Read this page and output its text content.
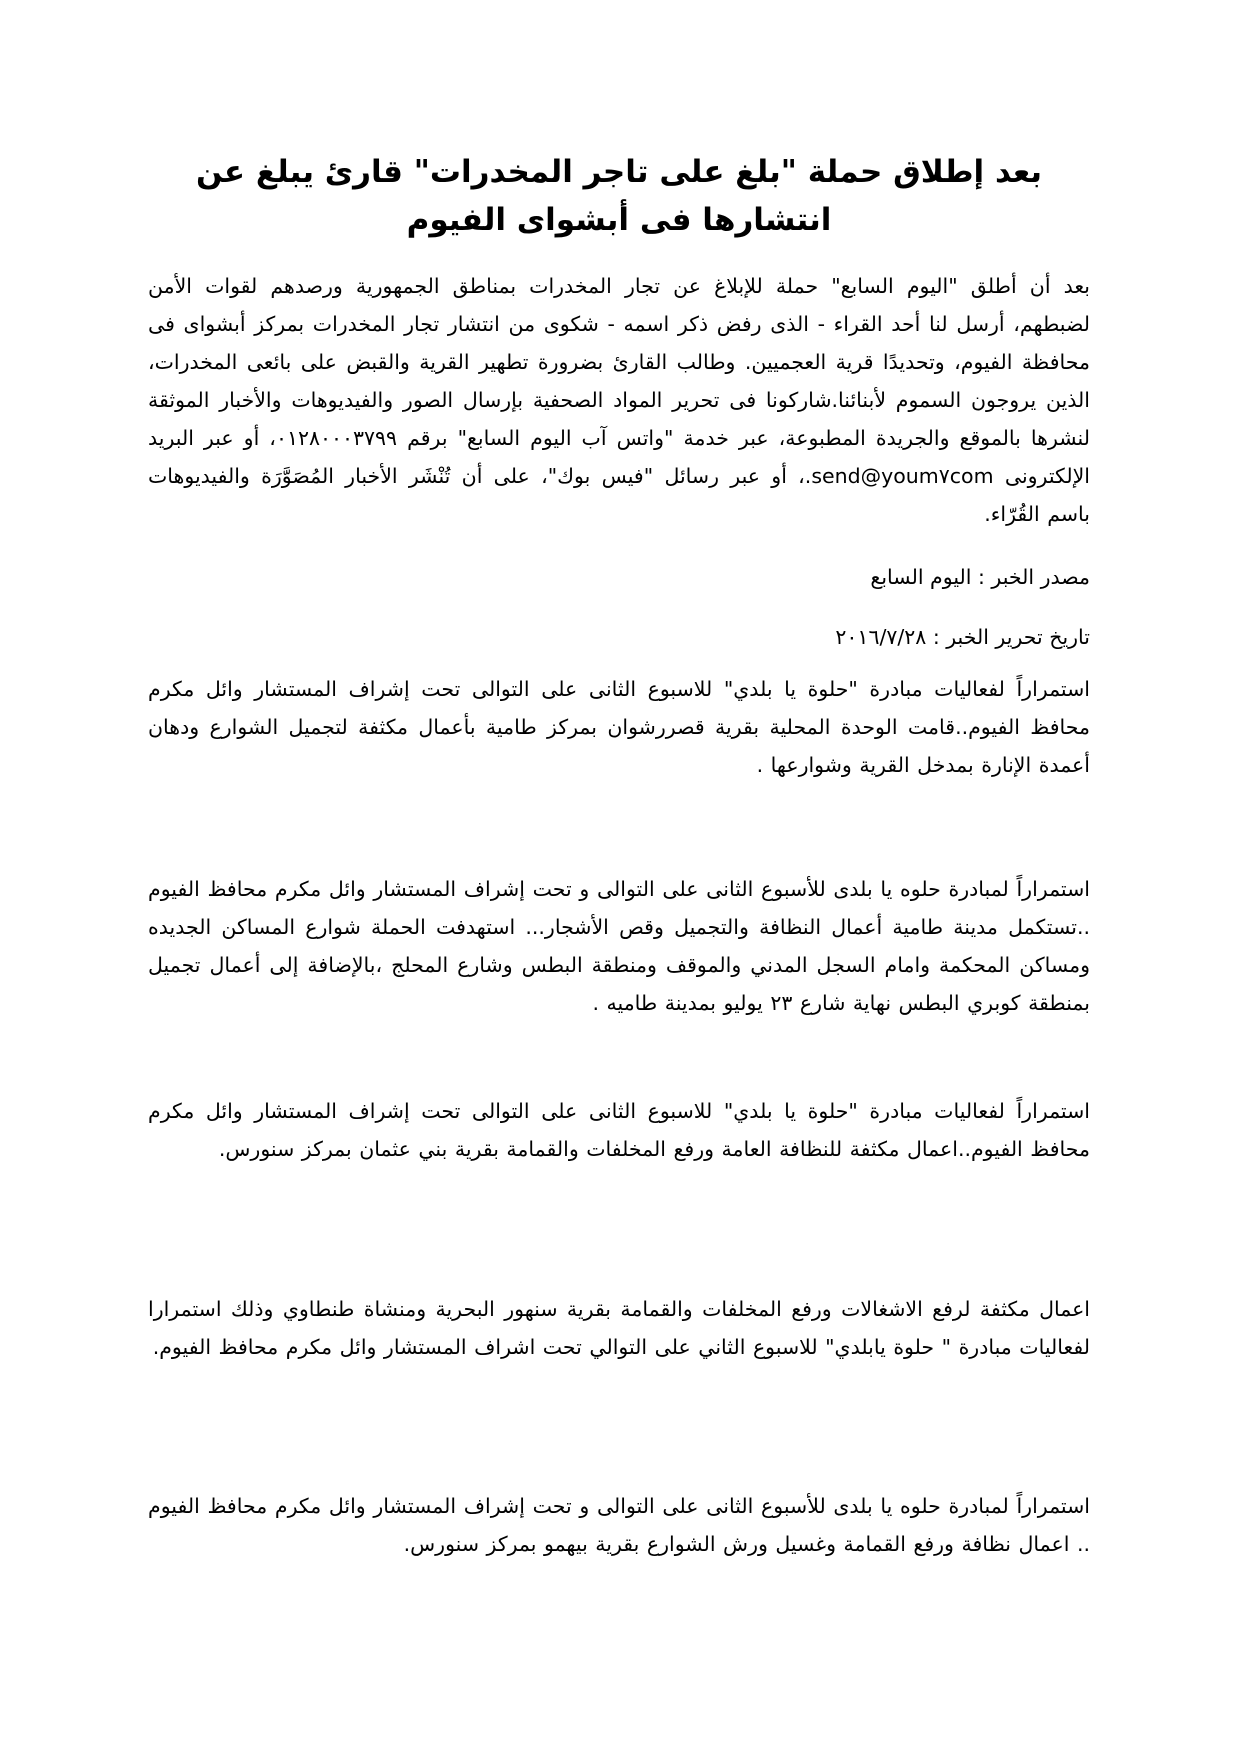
بعد إطلاق حملة "بلغ على تاجر المخدرات" قارئ يبلغ عن انتشارها فى أبشواى الفيوم

بعد أن أطلق "اليوم السابع" حملة للإبلاغ عن تجار المخدرات بمناطق الجمهورية ورصدهم لقوات الأمن لضبطهم، أرسل لنا أحد القراء - الذى رفض ذكر اسمه - شكوى من انتشار تجار المخدرات بمركز أبشواى فى محافظة الفيوم، وتحديدًا قرية العجميين. وطالب القارئ بضرورة تطهير القرية والقبض على بائعى المخدرات، الذين يروجون السموم لأبنائنا.شاركونا فى تحرير المواد الصحفية بإرسال الصور والفيديوهات والأخبار الموثقة لنشرها بالموقع والجريدة المطبوعة، عبر خدمة "واتس آب اليوم السابع" برقم ٠١٢٨٠٠٠٣٧٩٩، أو عبر البريد الإلكترونى send@youm٧com.، أو عبر رسائل "فيس بوك"، على أن تُنْشَر الأخبار المُصَوَّرَة والفيديوهات باسم القُرّاء.

مصدر الخبر : اليوم السابع

تاريخ تحرير الخبر : ٢٠١٦/٧/٢٨

استمراراً لفعاليات مبادرة "حلوة يا بلدي" للاسبوع الثانى على التوالى تحت إشراف المستشار وائل مكرم محافظ الفيوم..قامت الوحدة المحلية بقرية قصررشوان بمركز طامية بأعمال مكثفة لتجميل الشوارع ودهان أعمدة الإنارة بمدخل القرية وشوارعها .

استمراراً لمبادرة حلوه يا بلدى للأسبوع الثانى على التوالى و تحت إشراف المستشار وائل مكرم محافظ الفيوم ..تستكمل مدينة طامية أعمال النظافة والتجميل وقص الأشجار... استهدفت الحملة شوارع المساكن الجديده ومساكن المحكمة وامام السجل المدني والموقف ومنطقة البطس وشارع المحلج ،بالإضافة إلى أعمال تجميل بمنطقة كوبري البطس نهاية شارع ٢٣ يوليو بمدينة طاميه .

استمراراً لفعاليات مبادرة "حلوة يا بلدي" للاسبوع الثانى على التوالى تحت إشراف المستشار وائل مكرم محافظ الفيوم..اعمال مكثفة للنظافة العامة ورفع المخلفات والقمامة بقرية بني عثمان بمركز سنورس.

اعمال مكثفة لرفع الاشغالات ورفع المخلفات والقمامة بقرية سنهور البحرية ومنشاة طنطاوي وذلك استمرارا لفعاليات مبادرة " حلوة يابلدي" للاسبوع الثاني على التوالي تحت اشراف المستشار وائل مكرم محافظ الفيوم.

استمراراً لمبادرة حلوه يا بلدى للأسبوع الثانى على التوالى و تحت إشراف المستشار وائل مكرم محافظ الفيوم .. اعمال نظافة ورفع القمامة وغسيل ورش الشوارع بقرية بيهمو بمركز سنورس.
